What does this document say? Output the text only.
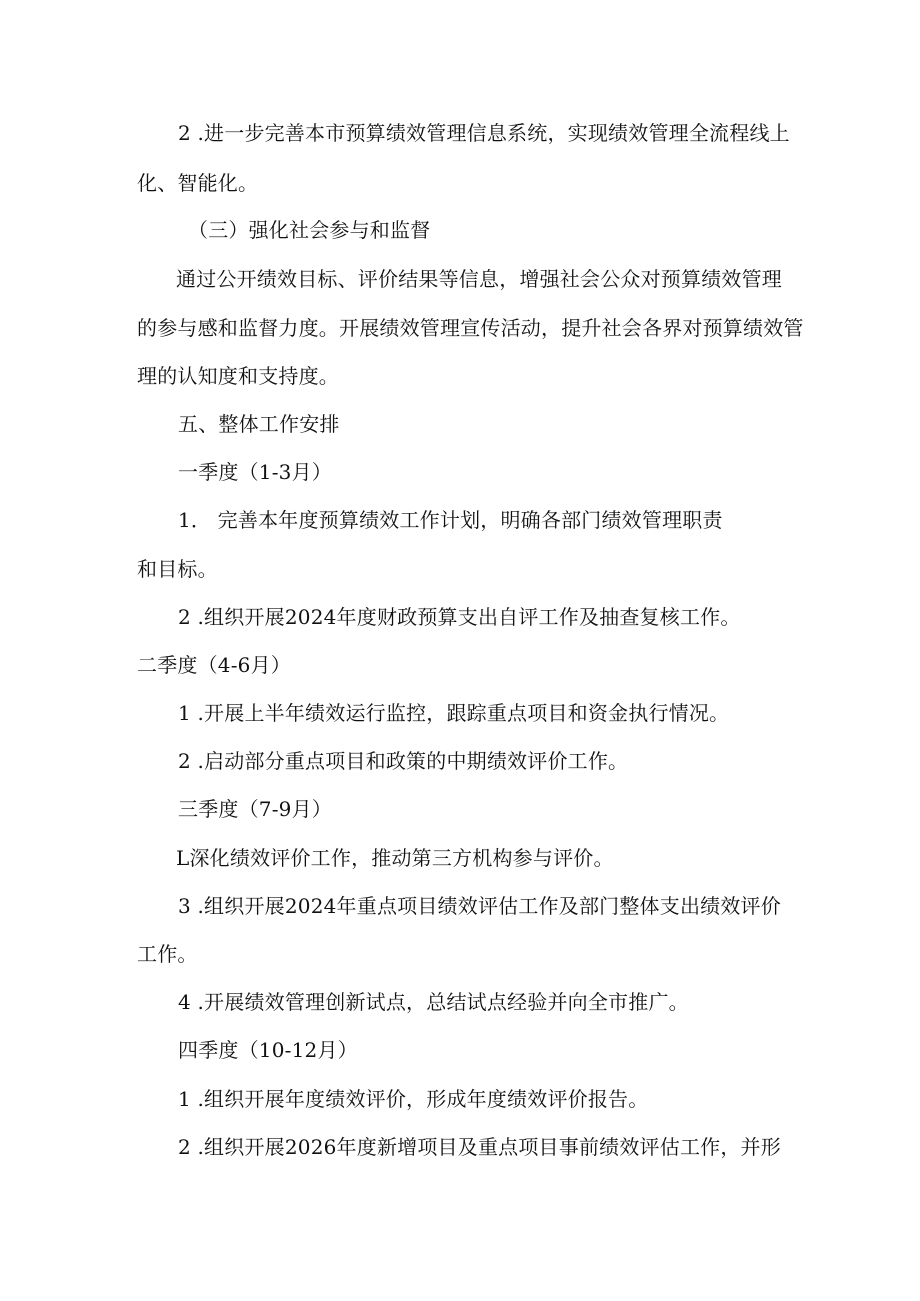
2 .进一步完善本市预算绩效管理信息系统，实现绩效管理全流程线上
化、智能化。
（三）强化社会参与和监督
通过公开绩效目标、评价结果等信息，增强社会公众对预算绩效管理
的参与感和监督力度。开展绩效管理宣传活动，提升社会各界对预算绩效管
理的认知度和支持度。
五、整体工作安排
一季度（1-3月）
1． 完善本年度预算绩效工作计划，明确各部门绩效管理职责
和目标。
2 .组织开展2024年度财政预算支出自评工作及抽查复核工作。
二季度（4-6月）
1 .开展上半年绩效运行监控，跟踪重点项目和资金执行情况。
2 .启动部分重点项目和政策的中期绩效评价工作。
三季度（7-9月）
L深化绩效评价工作，推动第三方机构参与评价。
3 .组织开展2024年重点项目绩效评估工作及部门整体支出绩效评价
工作。
4 .开展绩效管理创新试点，总结试点经验并向全市推广。
四季度（10-12月）
1 .组织开展年度绩效评价，形成年度绩效评价报告。
2 .组织开展2026年度新增项目及重点项目事前绩效评估工作，并形
